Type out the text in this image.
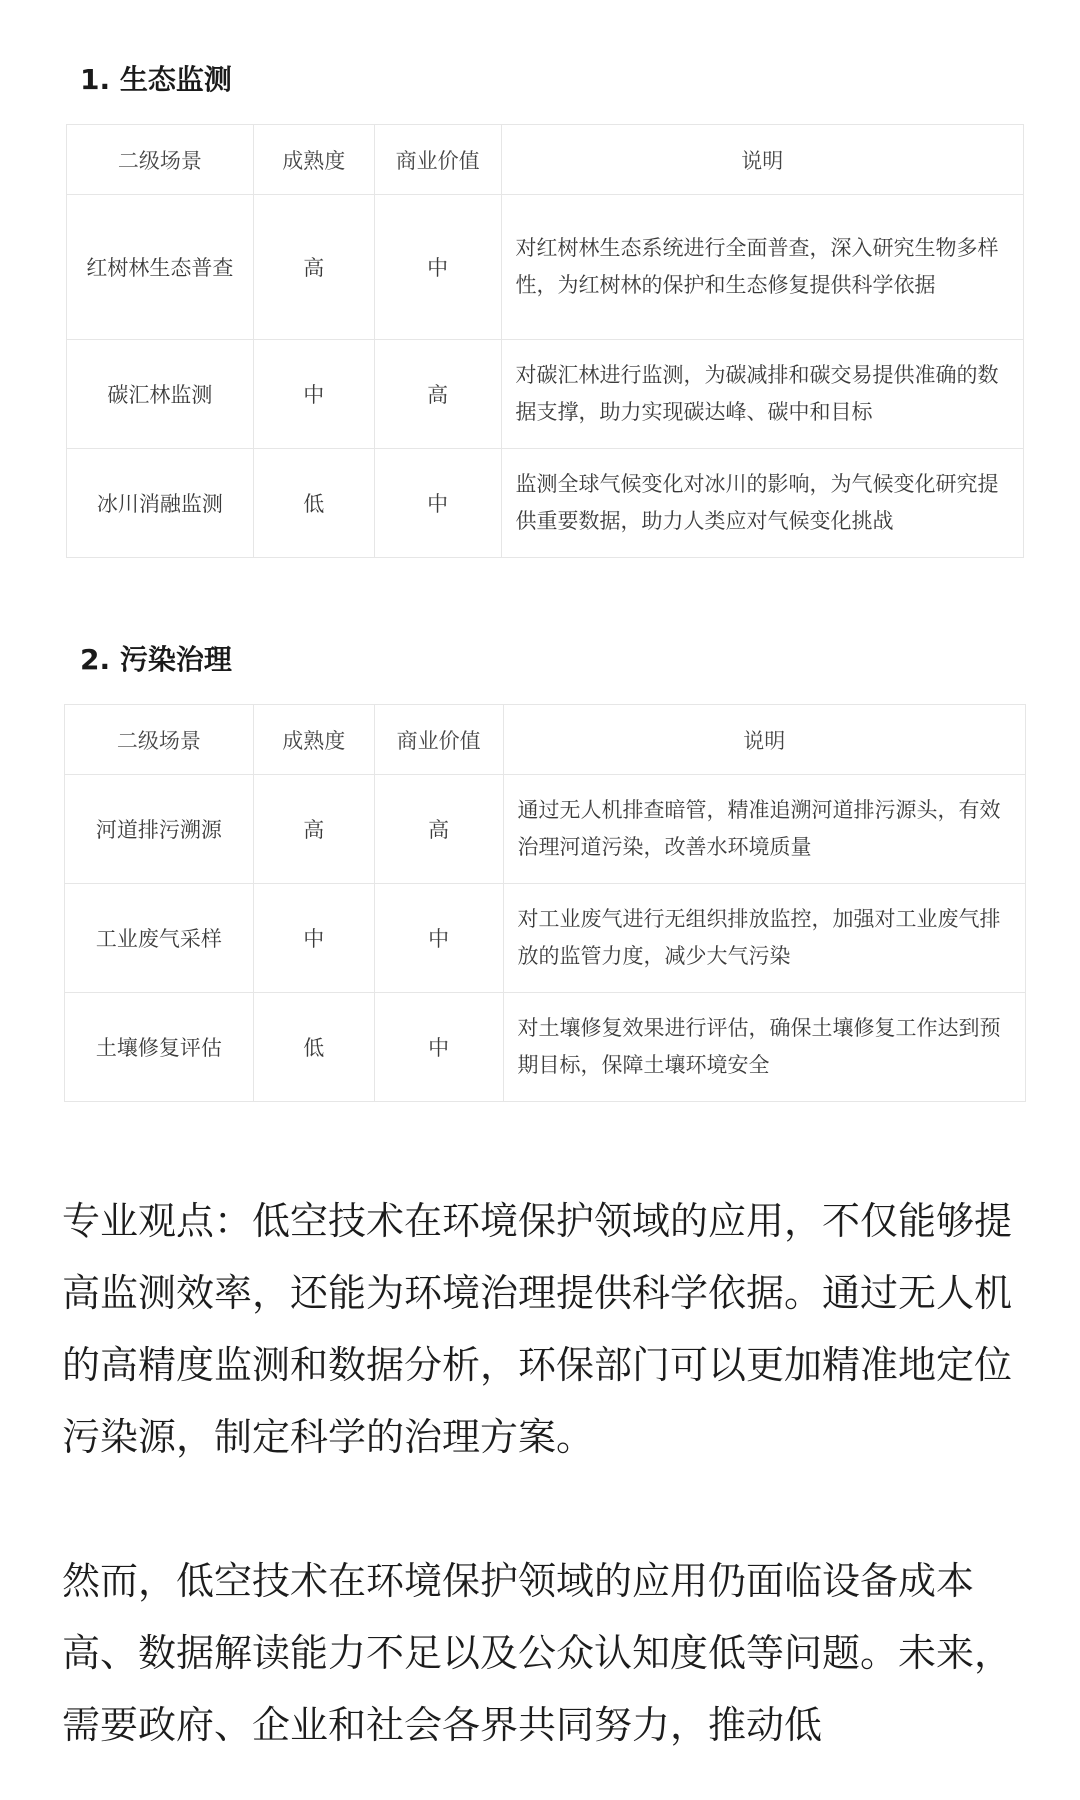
1. 生态监测
二级场景	成熟度	商业价值	说明
红树林生态普查	高	中	对红树林生态系统进行全面普查，深入研究生物多样性，为红树林的保护和生态修复提供科学依据
碳汇林监测	中	高	对碳汇林进行监测，为碳减排和碳交易提供准确的数据支撑，助力实现碳达峰、碳中和目标
冰川消融监测	低	中	监测全球气候变化对冰川的影响，为气候变化研究提供重要数据，助力人类应对气候变化挑战
2. 污染治理
二级场景	成熟度	商业价值	说明
河道排污溯源	高	高	通过无人机排查暗管，精准追溯河道排污源头，有效治理河道污染，改善水环境质量
工业废气采样	中	中	对工业废气进行无组织排放监控，加强对工业废气排放的监管力度，减少大气污染
土壤修复评估	低	中	对土壤修复效果进行评估，确保土壤修复工作达到预期目标，保障土壤环境安全

专业观点：低空技术在环境保护领域的应用，不仅能够提高监测效率，还能为环境治理提供科学依据。通过无人机的高精度监测和数据分析，环保部门可以更加精准地定位污染源，制定科学的治理方案。

然而，低空技术在环境保护领域的应用仍面临设备成本高、数据解读能力不足以及公众认知度低等问题。未来，需要政府、企业和社会各界共同努力，推动低
